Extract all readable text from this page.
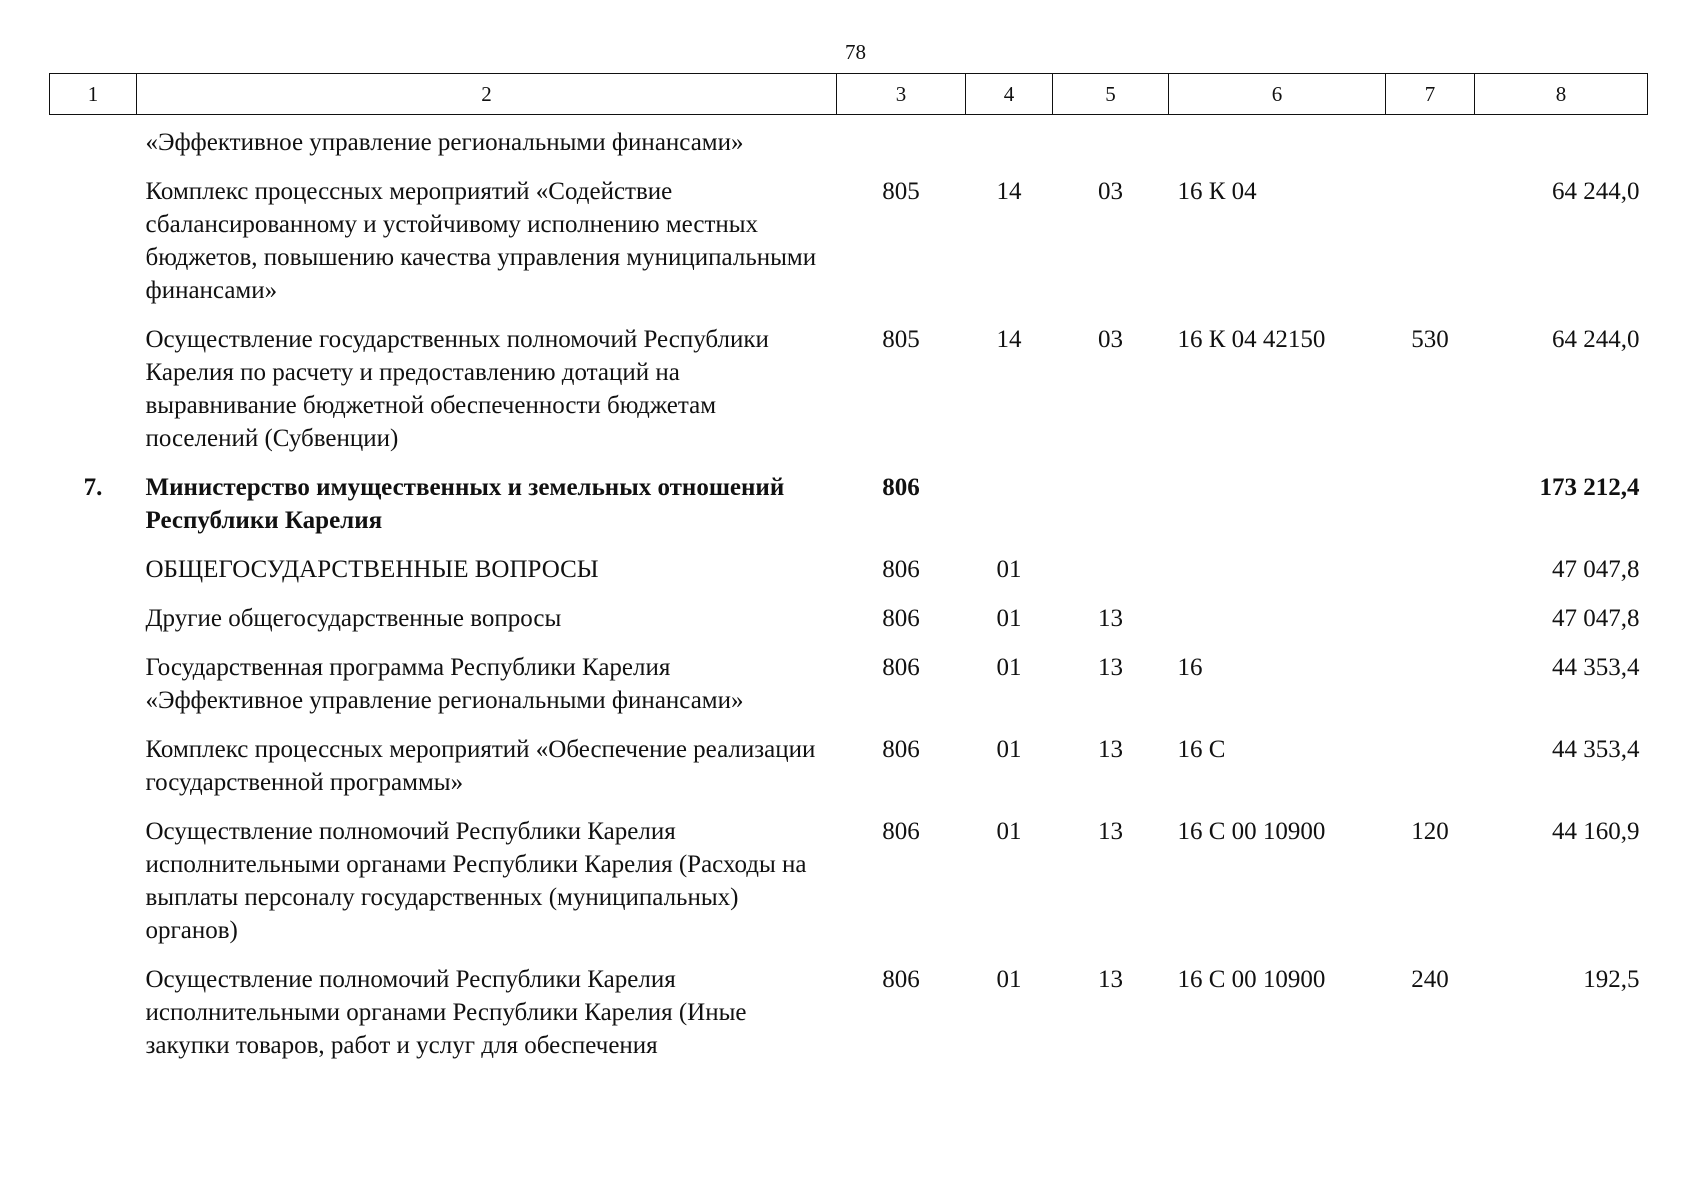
78
1	2	3	4	5	6	7	8
	«Эффективное управление региональными финансами»						
	Комплекс процессных мероприятий «Содействие сбалансированному и устойчивому исполнению местных бюджетов, повышению качества управления муниципальными финансами»	805	14	03	16 К 04		64 244,0
	Осуществление государственных полномочий Республики Карелия по расчету и предоставлению дотаций на выравнивание бюджетной обеспеченности бюджетам поселений (Субвенции)	805	14	03	16 К 04 42150	530	64 244,0
7.	Министерство имущественных и земельных отношений Республики Карелия	806					173 212,4
	ОБЩЕГОСУДАРСТВЕННЫЕ ВОПРОСЫ	806	01				47 047,8
	Другие общегосударственные вопросы	806	01	13			47 047,8
	Государственная программа Республики Карелия «Эффективное управление региональными финансами»	806	01	13	16		44 353,4
	Комплекс процессных мероприятий «Обеспечение реализации государственной программы»	806	01	13	16 С		44 353,4
	Осуществление полномочий Республики Карелия исполнительными органами Республики Карелия (Расходы на выплаты персоналу государственных (муниципальных) органов)	806	01	13	16 С 00 10900	120	44 160,9
	Осуществление полномочий Республики Карелия исполнительными органами Республики Карелия (Иные закупки товаров, работ и услуг для обеспечения	806	01	13	16 С 00 10900	240	192,5
